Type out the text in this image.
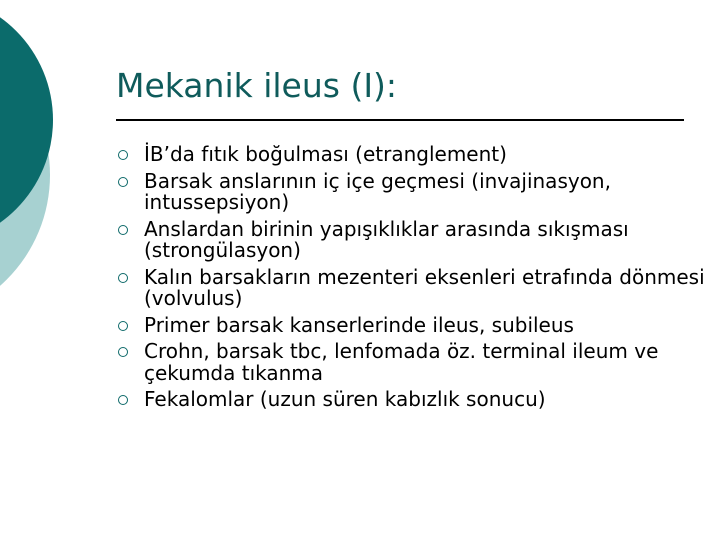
Mekanik ileus (I):
İB’da fıtık boğulması (etranglement)
Barsak anslarının iç içe geçmesi (invajinasyon, intussepsiyon)
Anslardan birinin yapışıklıklar arasında sıkışması (strongülasyon)
Kalın barsakların mezenteri eksenleri etrafında dönmesi (volvulus)
Primer barsak kanserlerinde ileus, subileus
Crohn, barsak tbc, lenfomada öz. terminal ileum ve çekumda tıkanma
Fekalomlar (uzun süren kabızlık sonucu)
